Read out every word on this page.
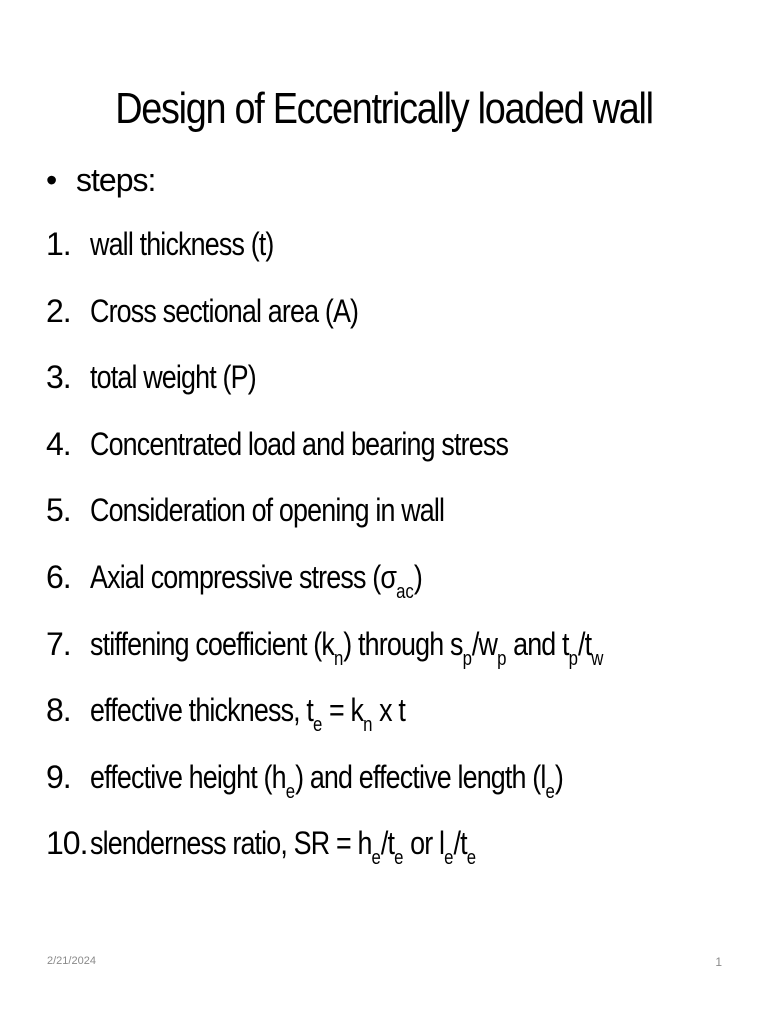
Design of Eccentrically loaded wall
• steps:
1. wall thickness (t)
2. Cross sectional area (A)
3. total weight (P)
4. Concentrated load and bearing stress
5. Consideration of opening in wall
6. Axial compressive stress $(\sigma_{ac})$
7. stiffening coefficient $(k_n)$ through $s_p/w_p$ and $t_p/t_w$
8. effective thickness, $t_e = k_n$ x t
9. effective height $(h_e)$ and effective length $(l_e)$
10. slenderness ratio, SR = $h_e/t_e$ or $l_e/t_e$
2/21/2024	1
